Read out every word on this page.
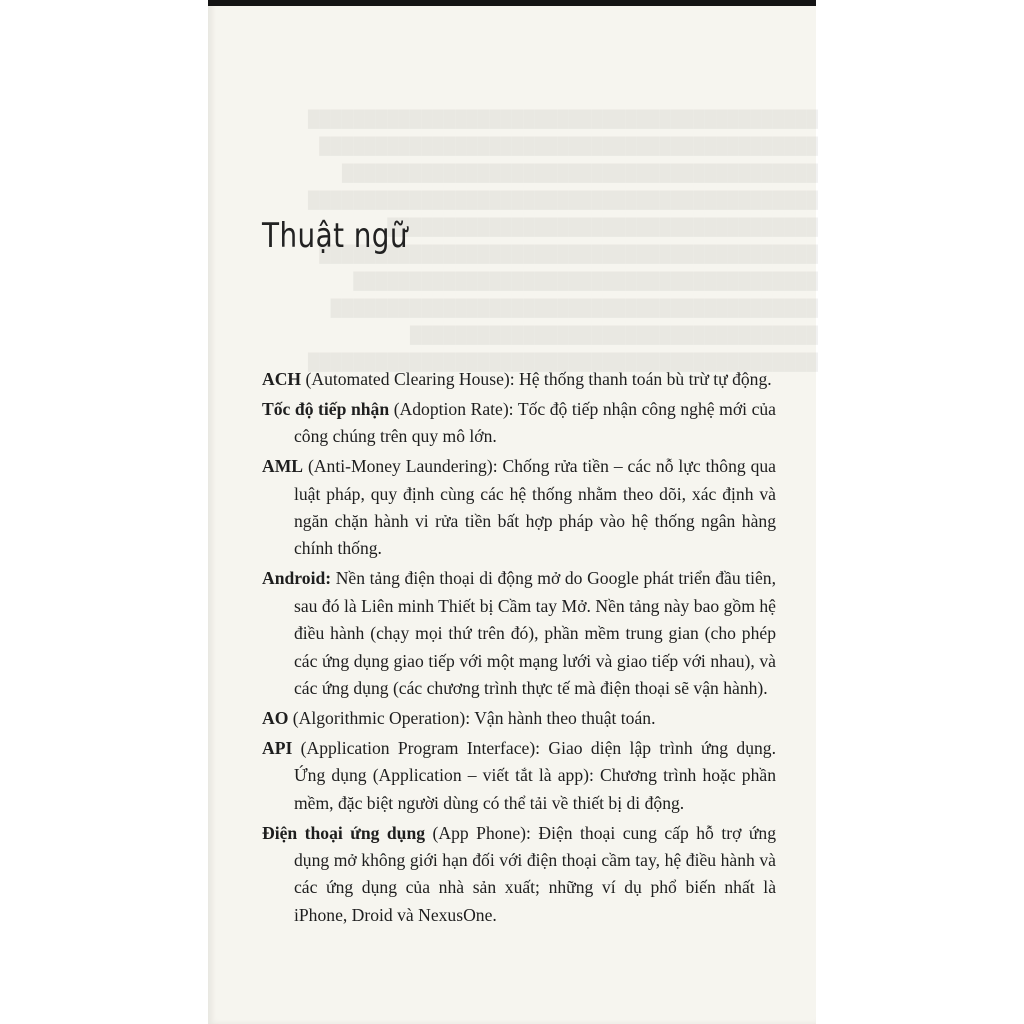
█████████████████████████████████████████████
████████████████████████████████████████████
██████████████████████████████████████████
█████████████████████████████████████████████
██████████████████████████████████████
████████████████████████████████████████████
█████████████████████████████████████████
███████████████████████████████████████████
████████████████████████████████████
█████████████████████████████████████████████
Thuật ngữ
ACH (Automated Clearing House): Hệ thống thanh toán bù trừ tự động.
Tốc độ tiếp nhận (Adoption Rate): Tốc độ tiếp nhận công nghệ mới của công chúng trên quy mô lớn.
AML (Anti-Money Laundering): Chống rửa tiền – các nỗ lực thông qua luật pháp, quy định cùng các hệ thống nhằm theo dõi, xác định và ngăn chặn hành vi rửa tiền bất hợp pháp vào hệ thống ngân hàng chính thống.
Android: Nền tảng điện thoại di động mở do Google phát triển đầu tiên, sau đó là Liên minh Thiết bị Cầm tay Mở. Nền tảng này bao gồm hệ điều hành (chạy mọi thứ trên đó), phần mềm trung gian (cho phép các ứng dụng giao tiếp với một mạng lưới và giao tiếp với nhau), và các ứng dụng (các chương trình thực tế mà điện thoại sẽ vận hành).
AO (Algorithmic Operation): Vận hành theo thuật toán.
API (Application Program Interface): Giao diện lập trình ứng dụng. Ứng dụng (Application – viết tắt là app): Chương trình hoặc phần mềm, đặc biệt người dùng có thể tải về thiết bị di động.
Điện thoại ứng dụng (App Phone): Điện thoại cung cấp hỗ trợ ứng dụng mở không giới hạn đối với điện thoại cầm tay, hệ điều hành và các ứng dụng của nhà sản xuất; những ví dụ phổ biến nhất là iPhone, Droid và NexusOne.
